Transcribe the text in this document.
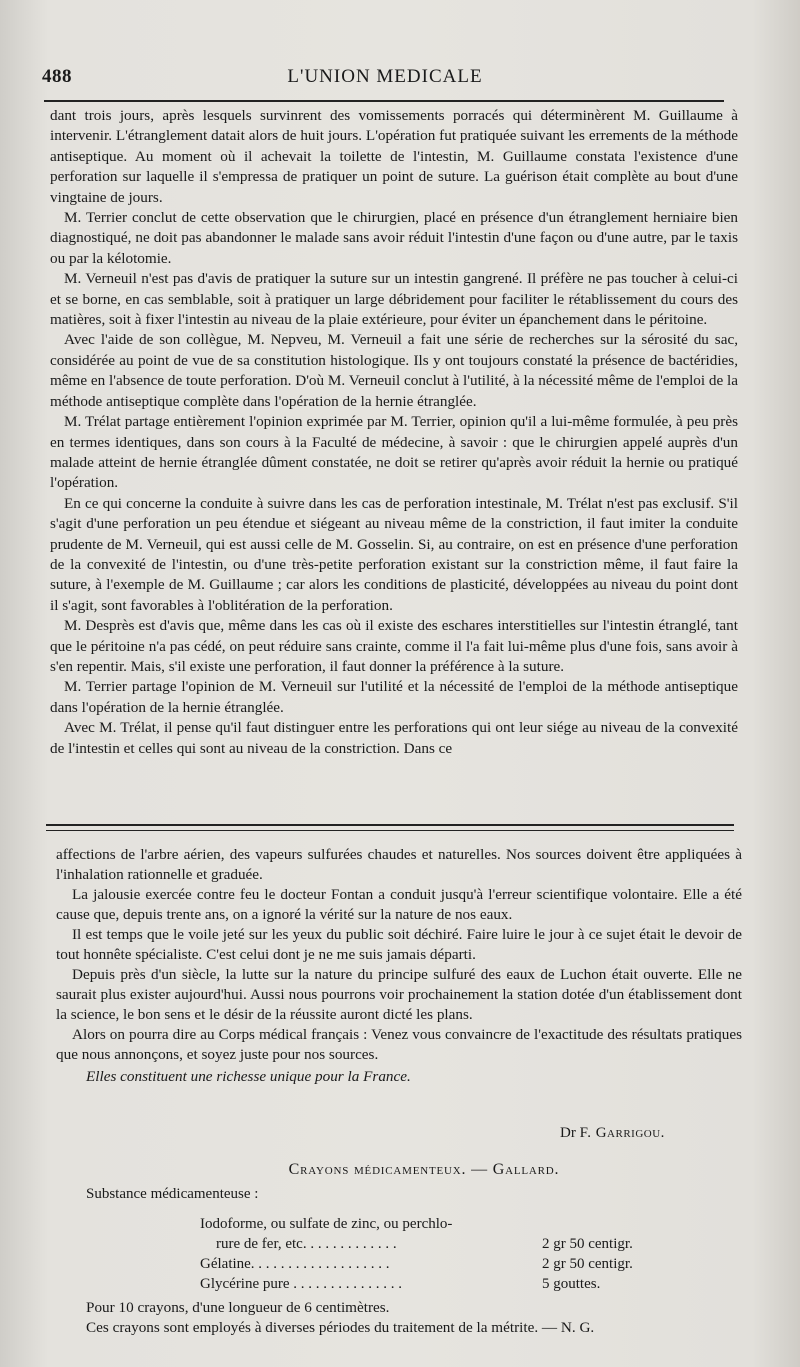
488	L'UNION MEDICALE

dant trois jours, après lesquels survinrent des vomissements porracés qui déterminèrent M. Guillaume à intervenir. L'étranglement datait alors de huit jours. L'opération fut pratiquée suivant les errements de la méthode antiseptique. Au moment où il achevait la toilette de l'intestin, M. Guillaume constata l'existence d'une perforation sur laquelle il s'empressa de pratiquer un point de suture. La guérison était complète au bout d'une vingtaine de jours.

M. Terrier conclut de cette observation que le chirurgien, placé en présence d'un étranglement herniaire bien diagnostiqué, ne doit pas abandonner le malade sans avoir réduit l'intestin d'une façon ou d'une autre, par le taxis ou par la kélotomie.

M. Verneuil n'est pas d'avis de pratiquer la suture sur un intestin gangrené. Il préfère ne pas toucher à celui-ci et se borne, en cas semblable, soit à pratiquer un large débridement pour faciliter le rétablissement du cours des matières, soit à fixer l'intestin au niveau de la plaie extérieure, pour éviter un épanchement dans le péritoine.

Avec l'aide de son collègue, M. Nepveu, M. Verneuil a fait une série de recherches sur la sérosité du sac, considérée au point de vue de sa constitution histologique. Ils y ont toujours constaté la présence de bactéridies, même en l'absence de toute perforation. D'où M. Verneuil conclut à l'utilité, à la nécessité même de l'emploi de la méthode antiseptique complète dans l'opération de la hernie étranglée.

M. Trélat partage entièrement l'opinion exprimée par M. Terrier, opinion qu'il a lui-même formulée, à peu près en termes identiques, dans son cours à la Faculté de médecine, à savoir : que le chirurgien appelé auprès d'un malade atteint de hernie étranglée dûment constatée, ne doit se retirer qu'après avoir réduit la hernie ou pratiqué l'opération.

En ce qui concerne la conduite à suivre dans les cas de perforation intestinale, M. Trélat n'est pas exclusif. S'il s'agit d'une perforation un peu étendue et siégeant au niveau même de la constriction, il faut imiter la conduite prudente de M. Verneuil, qui est aussi celle de M. Gosselin. Si, au contraire, on est en présence d'une perforation de la convexité de l'intestin, ou d'une très-petite perforation existant sur la constriction même, il faut faire la suture, à l'exemple de M. Guillaume ; car alors les conditions de plasticité, développées au niveau du point dont il s'agit, sont favorables à l'oblitération de la perforation.

M. Desprès est d'avis que, même dans les cas où il existe des eschares interstitielles sur l'intestin étranglé, tant que le péritoine n'a pas cédé, on peut réduire sans crainte, comme il l'a fait lui-même plus d'une fois, sans avoir à s'en repentir. Mais, s'il existe une perforation, il faut donner la préférence à la suture.

M. Terrier partage l'opinion de M. Verneuil sur l'utilité et la nécessité de l'emploi de la méthode antiseptique dans l'opération de la hernie étranglée.

Avec M. Trélat, il pense qu'il faut distinguer entre les perforations qui ont leur siége au niveau de la convexité de l'intestin et celles qui sont au niveau de la constriction. Dans ce

affections de l'arbre aérien, des vapeurs sulfurées chaudes et naturelles. Nos sources doivent être appliquées à l'inhalation rationnelle et graduée.

La jalousie exercée contre feu le docteur Fontan a conduit jusqu'à l'erreur scientifique volontaire. Elle a été cause que, depuis trente ans, on a ignoré la vérité sur la nature de nos eaux.

Il est temps que le voile jeté sur les yeux du public soit déchiré. Faire luire le jour à ce sujet était le devoir de tout honnête spécialiste. C'est celui dont je ne me suis jamais départi.

Depuis près d'un siècle, la lutte sur la nature du principe sulfuré des eaux de Luchon était ouverte. Elle ne saurait plus exister aujourd'hui. Aussi nous pourrons voir prochainement la station dotée d'un établissement dont la science, le bon sens et le désir de la réussite auront dicté les plans.

Alors on pourra dire au Corps médical français : Venez vous convaincre de l'exactitude des résultats pratiques que nous annonçons, et soyez juste pour nos sources.

Elles constituent une richesse unique pour la France.

Dr F. Garrigou.
Crayons médicamenteux. — Gallard.
Substance médicamenteuse :
Iodoforme, ou sulfate de zinc, ou perchlo-
rure de fer, etc. . . . . . . . . . . . .	2 gr 50 centigr.
Gélatine. . . . . . . . . . . . . . . . . . .	2 gr 50 centigr.
Glycérine pure . . . . . . . . . . . . . . .	5 gouttes.

Pour 10 crayons, d'une longueur de 6 centimètres.

Ces crayons sont employés à diverses périodes du traitement de la métrite. — N. G.
